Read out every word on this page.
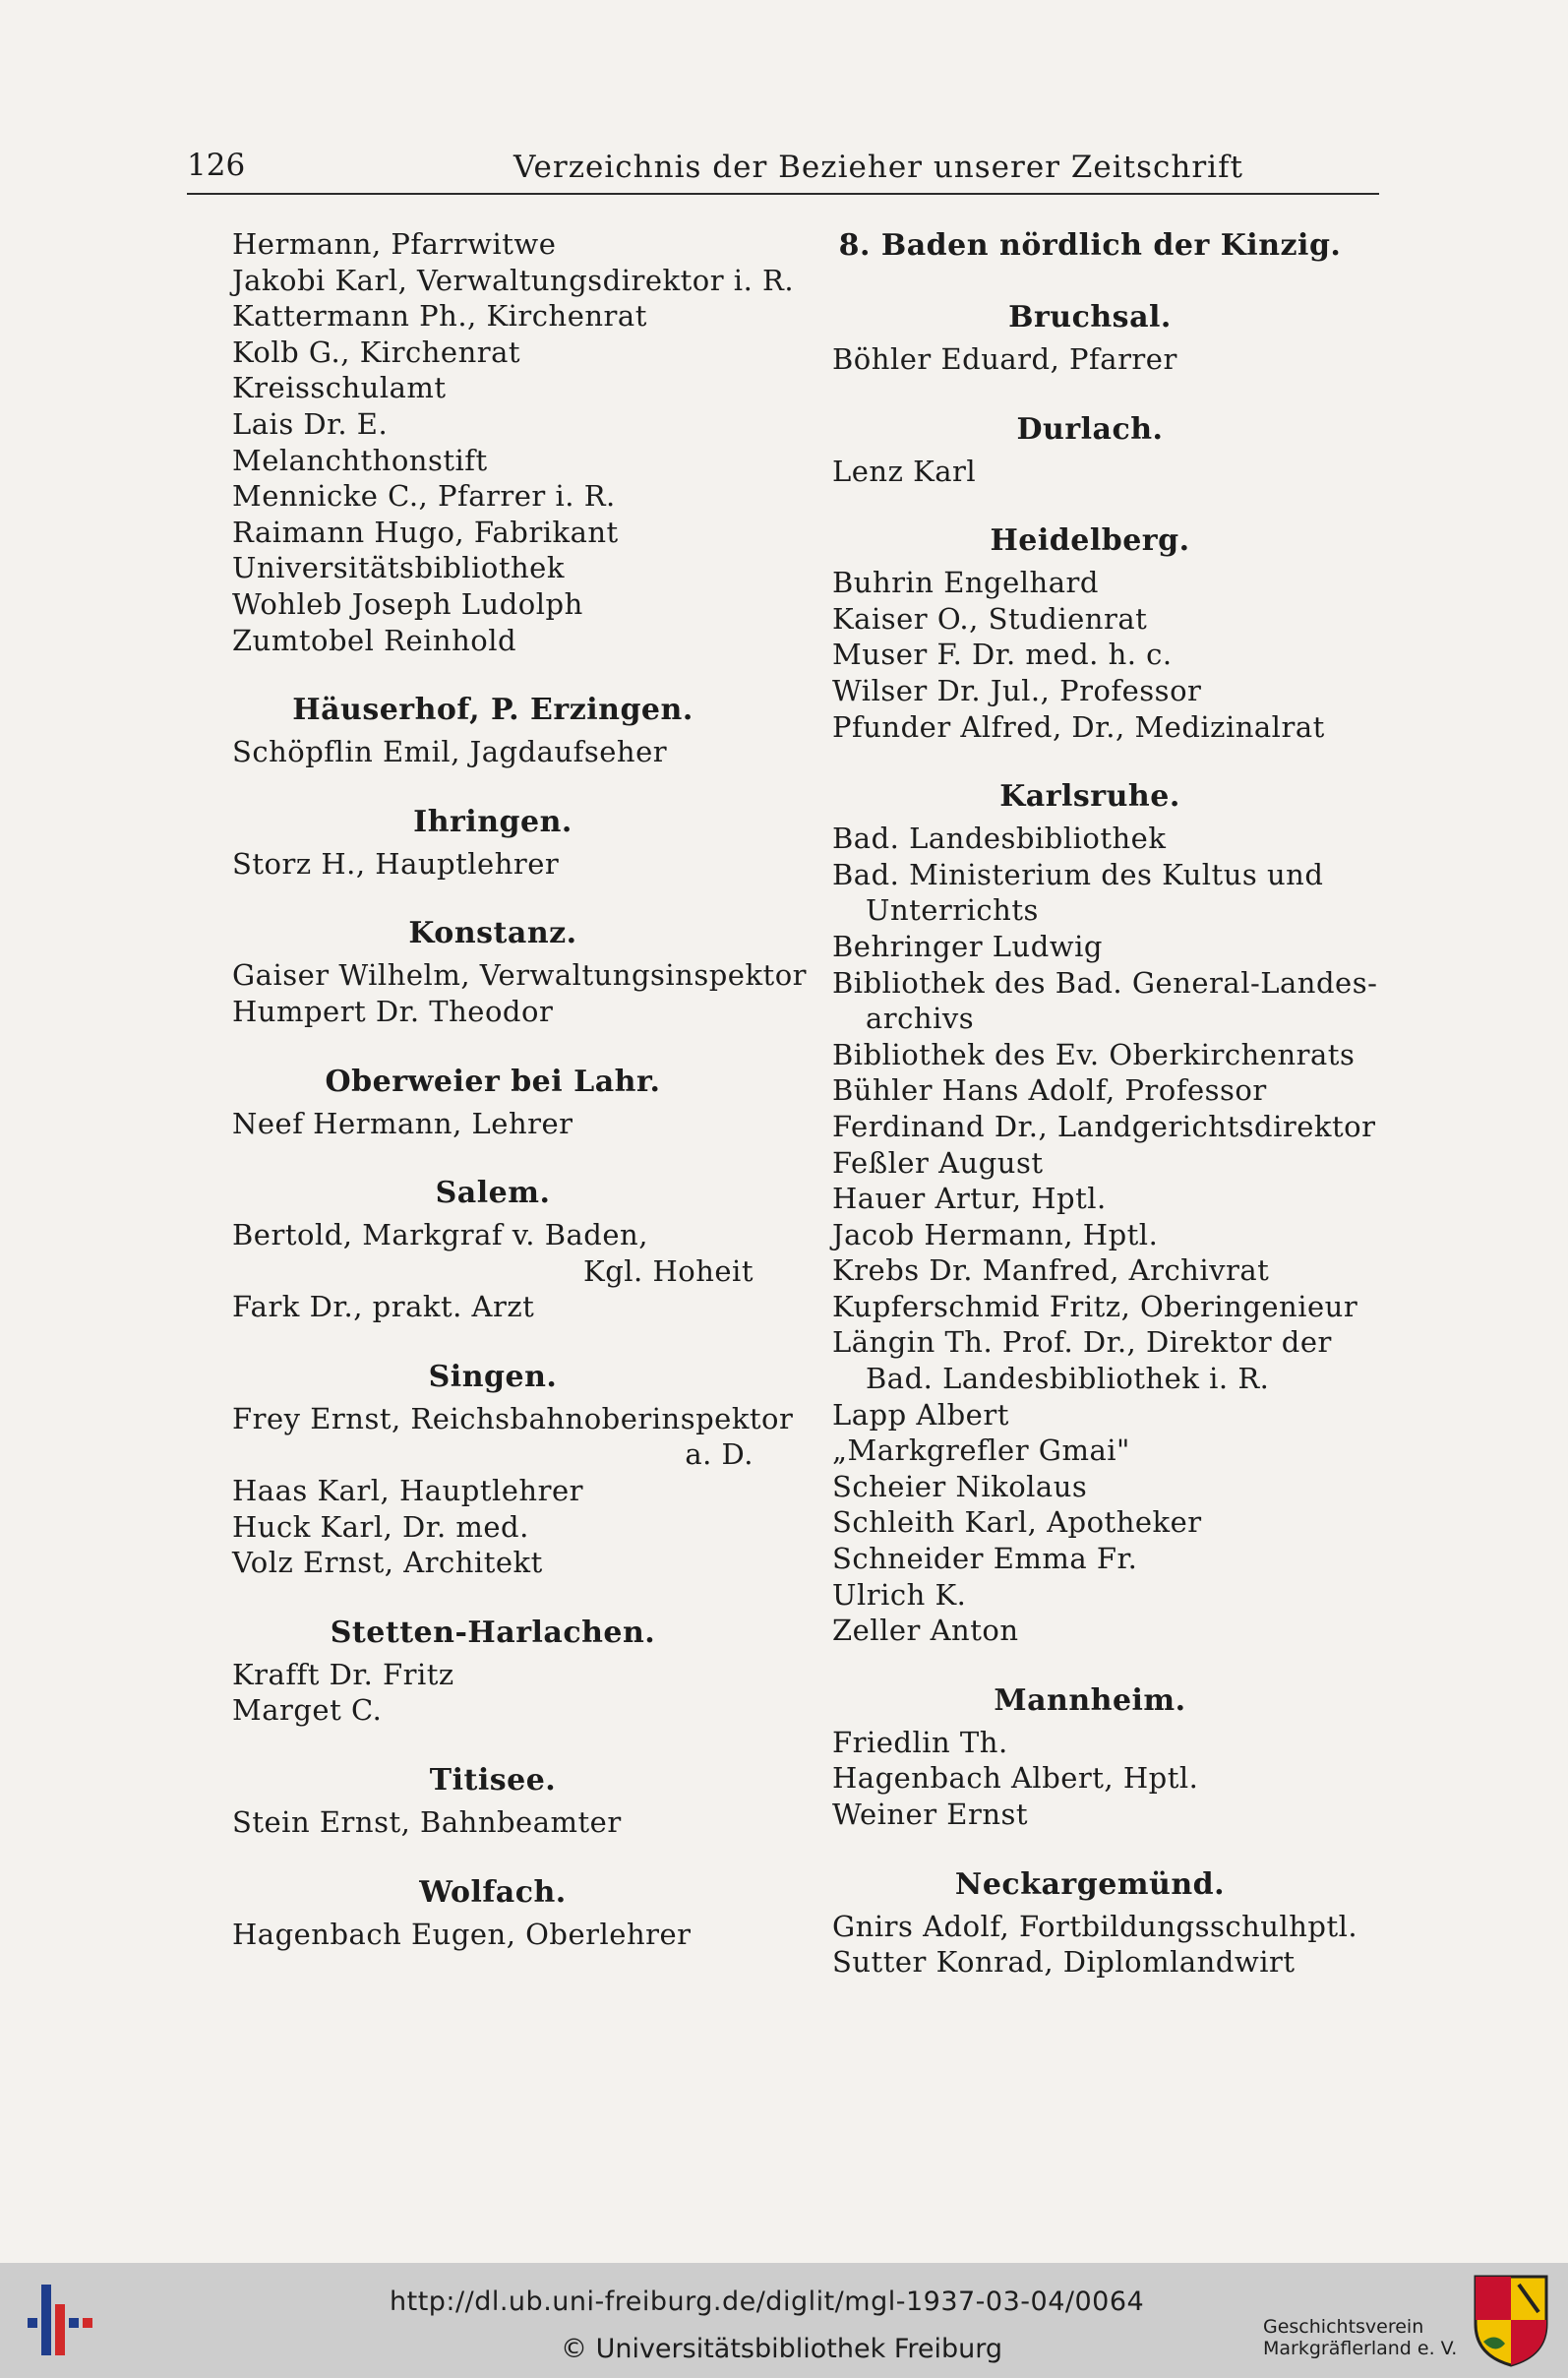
126	Verzeichnis der Bezieher unserer Zeitschrift
Hermann, Pfarrwitwe
Jakobi Karl, Verwaltungsdirektor i. R.
Kattermann Ph., Kirchenrat
Kolb G., Kirchenrat
Kreisschulamt
Lais Dr. E.
Melanchthonstift
Mennicke C., Pfarrer i. R.
Raimann Hugo, Fabrikant
Universitätsbibliothek
Wohleb Joseph Ludolph
Zumtobel Reinhold
Häuserhof, P. Erzingen.
Schöpflin Emil, Jagdaufseher
Ihringen.
Storz H., Hauptlehrer
Konstanz.
Gaiser Wilhelm, Verwaltungsinspektor
Humpert Dr. Theodor
Oberweier bei Lahr.
Neef Hermann, Lehrer
Salem.
Bertold, Markgraf v. Baden,
Kgl. Hoheit
Fark Dr., prakt. Arzt
Singen.
Frey Ernst, Reichsbahnoberinspektor
a. D.
Haas Karl, Hauptlehrer
Huck Karl, Dr. med.
Volz Ernst, Architekt
Stetten-Harlachen.
Krafft Dr. Fritz
Marget C.
Titisee.
Stein Ernst, Bahnbeamter
Wolfach.
Hagenbach Eugen, Oberlehrer
8. Baden nördlich der Kinzig.
Bruchsal.
Böhler Eduard, Pfarrer
Durlach.
Lenz Karl
Heidelberg.
Buhrin Engelhard
Kaiser O., Studienrat
Muser F. Dr. med. h. c.
Wilser Dr. Jul., Professor
Pfunder Alfred, Dr., Medizinalrat
Karlsruhe.
Bad. Landesbibliothek
Bad. Ministerium des Kultus und
Unterrichts
Behringer Ludwig
Bibliothek des Bad. General-Landes-
archivs
Bibliothek des Ev. Oberkirchenrats
Bühler Hans Adolf, Professor
Ferdinand Dr., Landgerichtsdirektor
Feßler August
Hauer Artur, Hptl.
Jacob Hermann, Hptl.
Krebs Dr. Manfred, Archivrat
Kupferschmid Fritz, Oberingenieur
Längin Th. Prof. Dr., Direktor der
Bad. Landesbibliothek i. R.
Lapp Albert
„Markgrefler Gmai"
Scheier Nikolaus
Schleith Karl, Apotheker
Schneider Emma Fr.
Ulrich K.
Zeller Anton
Mannheim.
Friedlin Th.
Hagenbach Albert, Hptl.
Weiner Ernst
Neckargemünd.
Gnirs Adolf, Fortbildungsschulhptl.
Sutter Konrad, Diplomlandwirt
http://dl.ub.uni-freiburg.de/diglit/mgl-1937-03-04/0064
© Universitätsbibliothek Freiburg
Geschichtsverein
Markgräflerland e. V.
